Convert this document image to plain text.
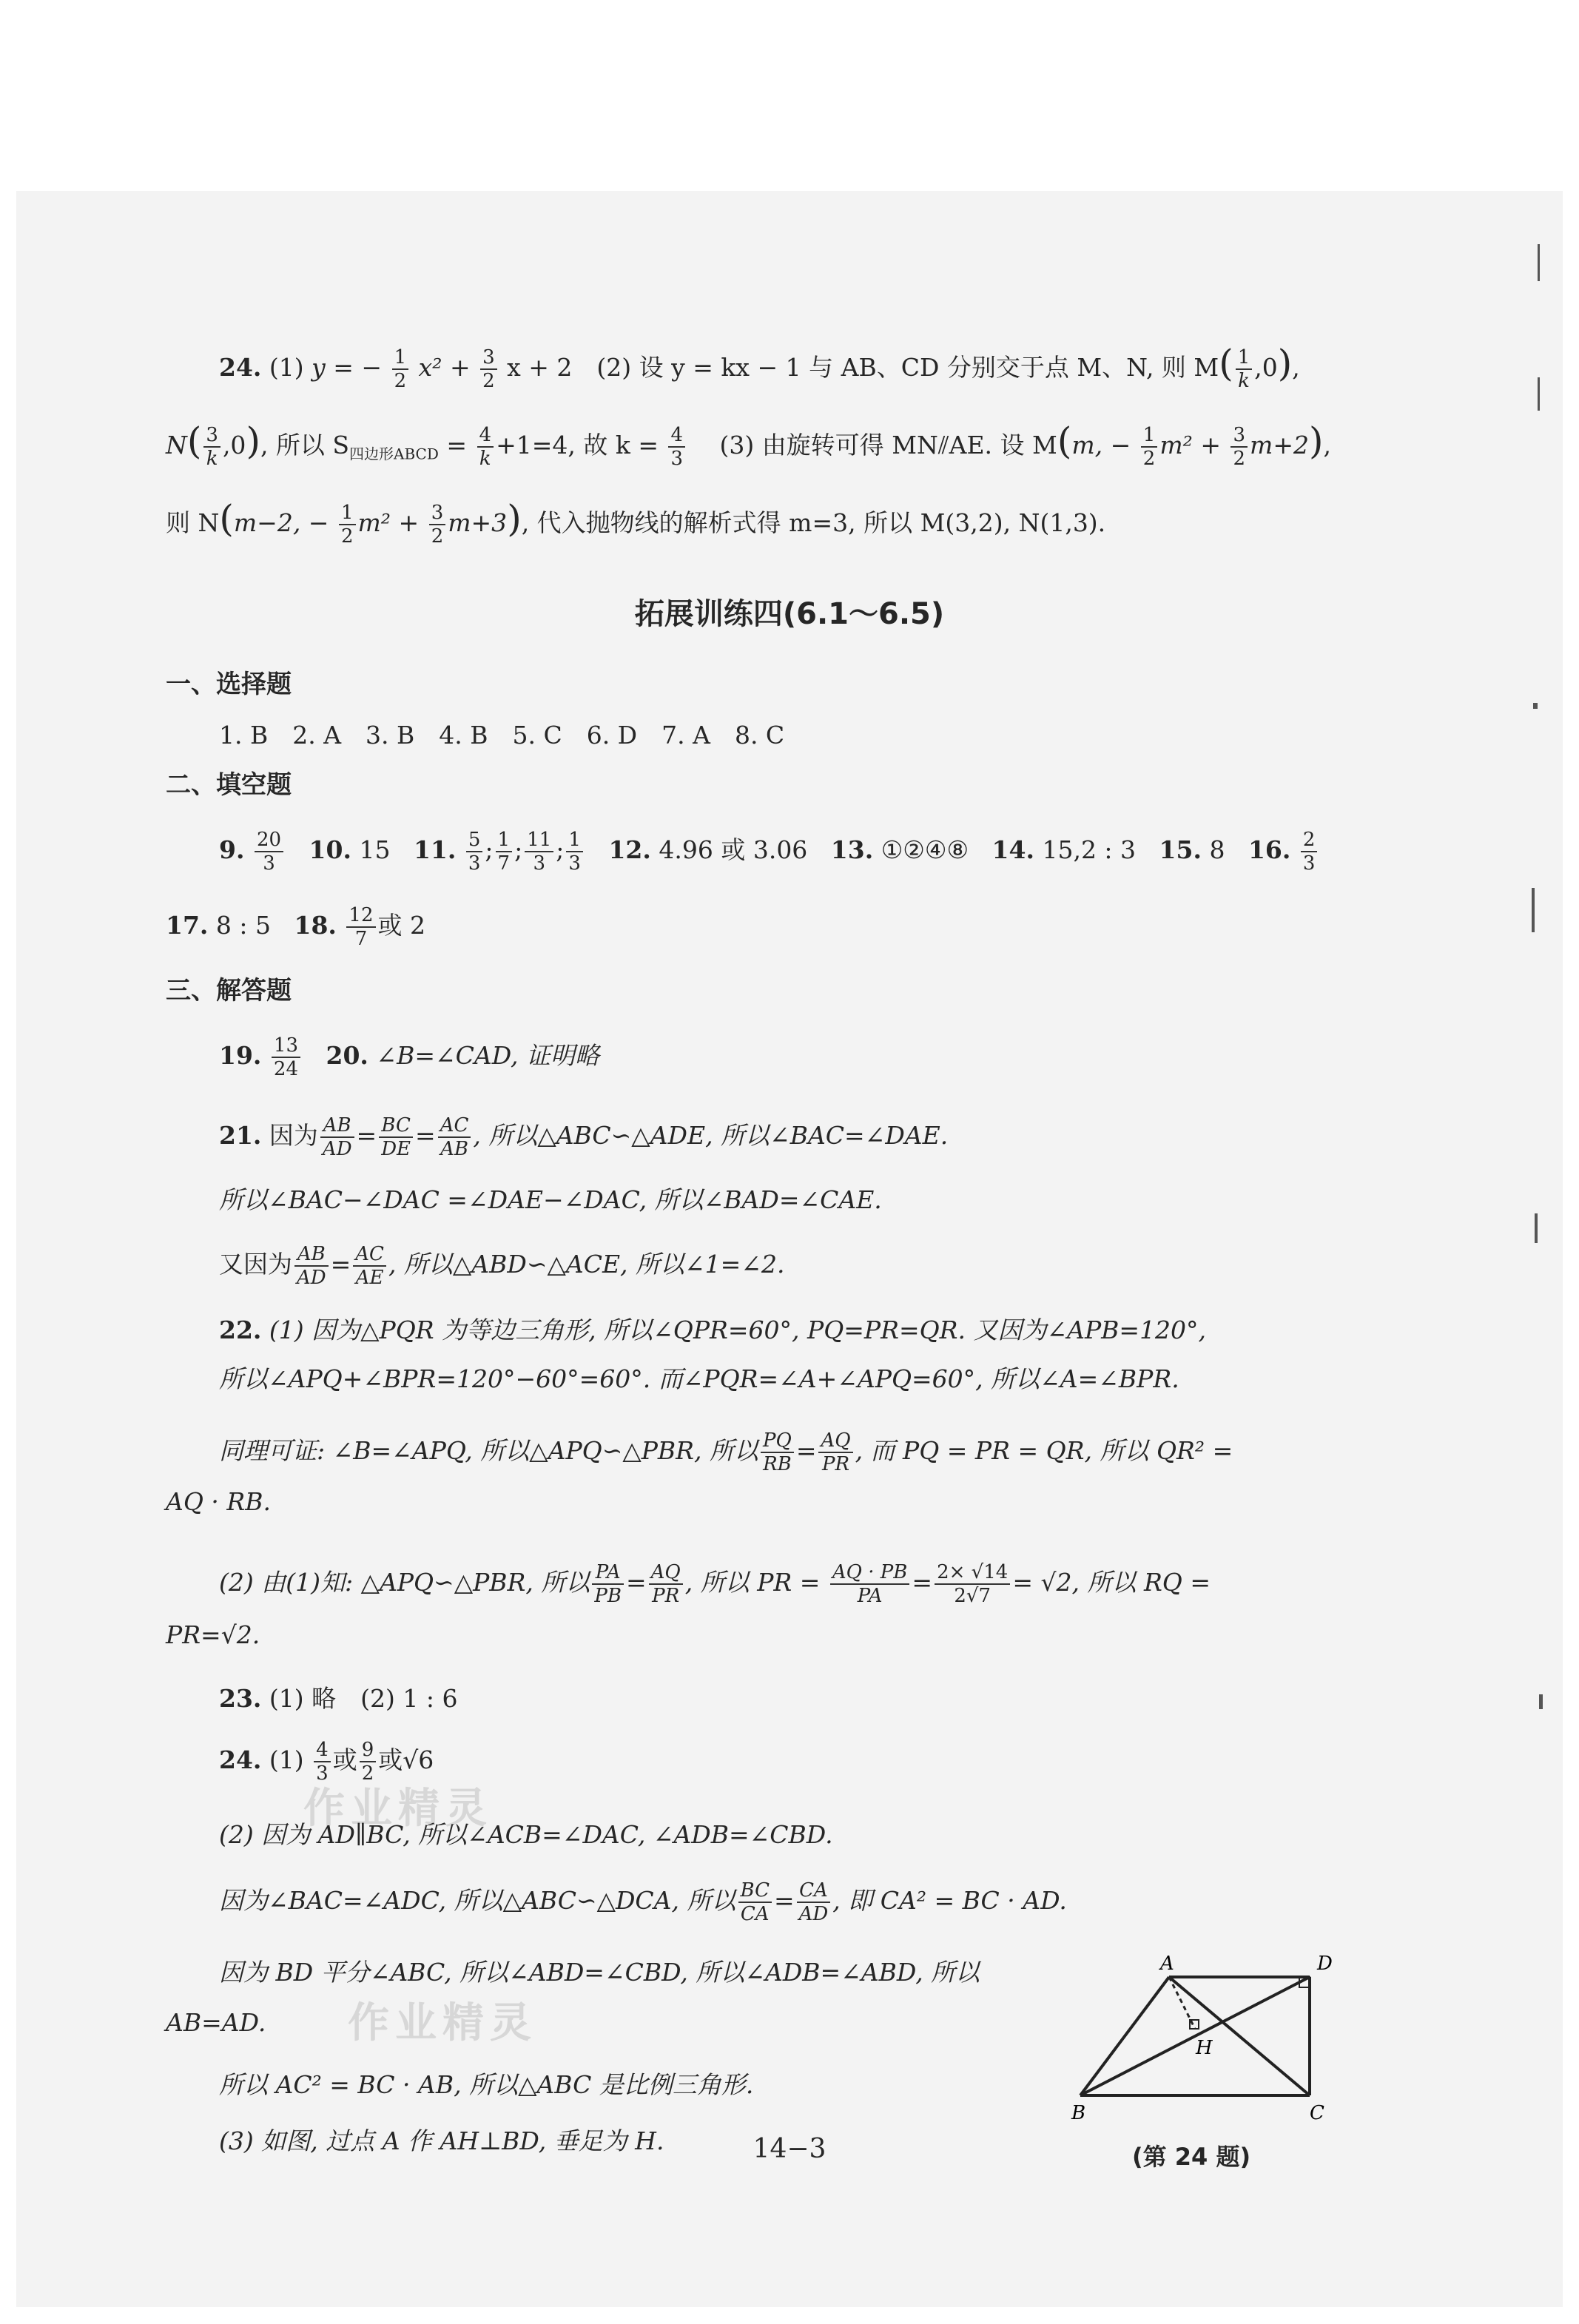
24. (1) y = − $\frac{1}{2} x^2 + \frac{3}{2}$ x + 2　(2) 设 y = kx − 1 与 AB、CD 分别交于点 M、N, 则 $M( \frac{1}{k} ,0)$,
$N( \frac{3}{k} ,0)$, 所以 $S_{四边形ABCD} = \frac{4}{k} +1=4$, 故 $k = \frac{4}{3}$ 　(3) 由旋转可得 MN⫽AE. 设 M(m, − $\frac{1}{2} m^2 + \frac{3}{2} m+2$),
则 N(m−2, − $\frac{1}{2} m^2 + \frac{3}{2} m+3$), 代入抛物线的解析式得 m=3, 所以 M(3,2), N(1,3).
拓展训练四(6.1～6.5)
一、选择题
1. B　2. A　3. B　4. B　5. C　6. D　7. A　8. C
二、填空题
9. $\frac{20}{3} 10$. 15 11. $\frac{5}{3}$ ; $\frac{1}{7}$ ; $\frac{11}{3}$ ; $\frac{1}{3} 12$. 4.96 或 3.06 13. ①②④⑧ 14. 15,2 : 3 15. 8 16. $\frac{2}{3}$
17. 8 : 5 18. $\frac{12}{7}$ 或 2
三、解答题
19. $\frac{13}{24} 20$. ∠B=∠CAD, 证明略
21. 因为 $\frac{AB}{AD} = \frac{BC}{DE} = \frac{AC}{AB}$ , 所以△ABC∽△ADE, 所以∠BAC=∠DAE.
所以∠BAC−∠DAC =∠DAE−∠DAC, 所以∠BAD=∠CAE.
又因为 $\frac{AB}{AD} = \frac{AC}{AE}$ , 所以△ABD∽△ACE, 所以∠1=∠2.
22. (1) 因为△PQR 为等边三角形, 所以∠QPR=60°, PQ=PR=QR. 又因为∠APB=120°,
所以∠APQ+∠BPR=120°−60°=60°. 而∠PQR=∠A+∠APQ=60°, 所以∠A=∠BPR.
同理可证: ∠B=∠APQ, 所以△APQ∽△PBR, 所以 $\frac{PQ}{RB} = \frac{AQ}{PR}$ , 而 PQ = PR = QR, 所以 QR² =
AQ · RB.
(2) 由(1)知: △APQ∽△PBR, 所以 $\frac{PA}{PB} = \frac{AQ}{PR}$ , 所以 PR = $\frac{AQ \cdot PB}{PA} = \frac{2\times √14}{2√7} = √2$, 所以 RQ =
PR=√2.
23. (1) 略　(2) 1 : 6
作业精灵
作业精灵
24. $(1) \frac{4}{3}$ 或 $\frac{9}{2}$ 或√6
(2) 因为 AD∥BC, 所以∠ACB=∠DAC, ∠ADB=∠CBD.
因为∠BAC=∠ADC, 所以△ABC∽△DCA, 所以 $\frac{BC}{CA} = \frac{CA}{AD}$ , 即 CA² = BC · AD.
因为 BD 平分∠ABC, 所以∠ABD=∠CBD, 所以∠ADB=∠ABD, 所以
AB=AD.
所以 AC² = BC · AB, 所以△ABC 是比例三角形.
(3) 如图, 过点 A 作 AH⊥BD, 垂足为 H.
A	D
B	C
H
(第 24 题)
14−3
